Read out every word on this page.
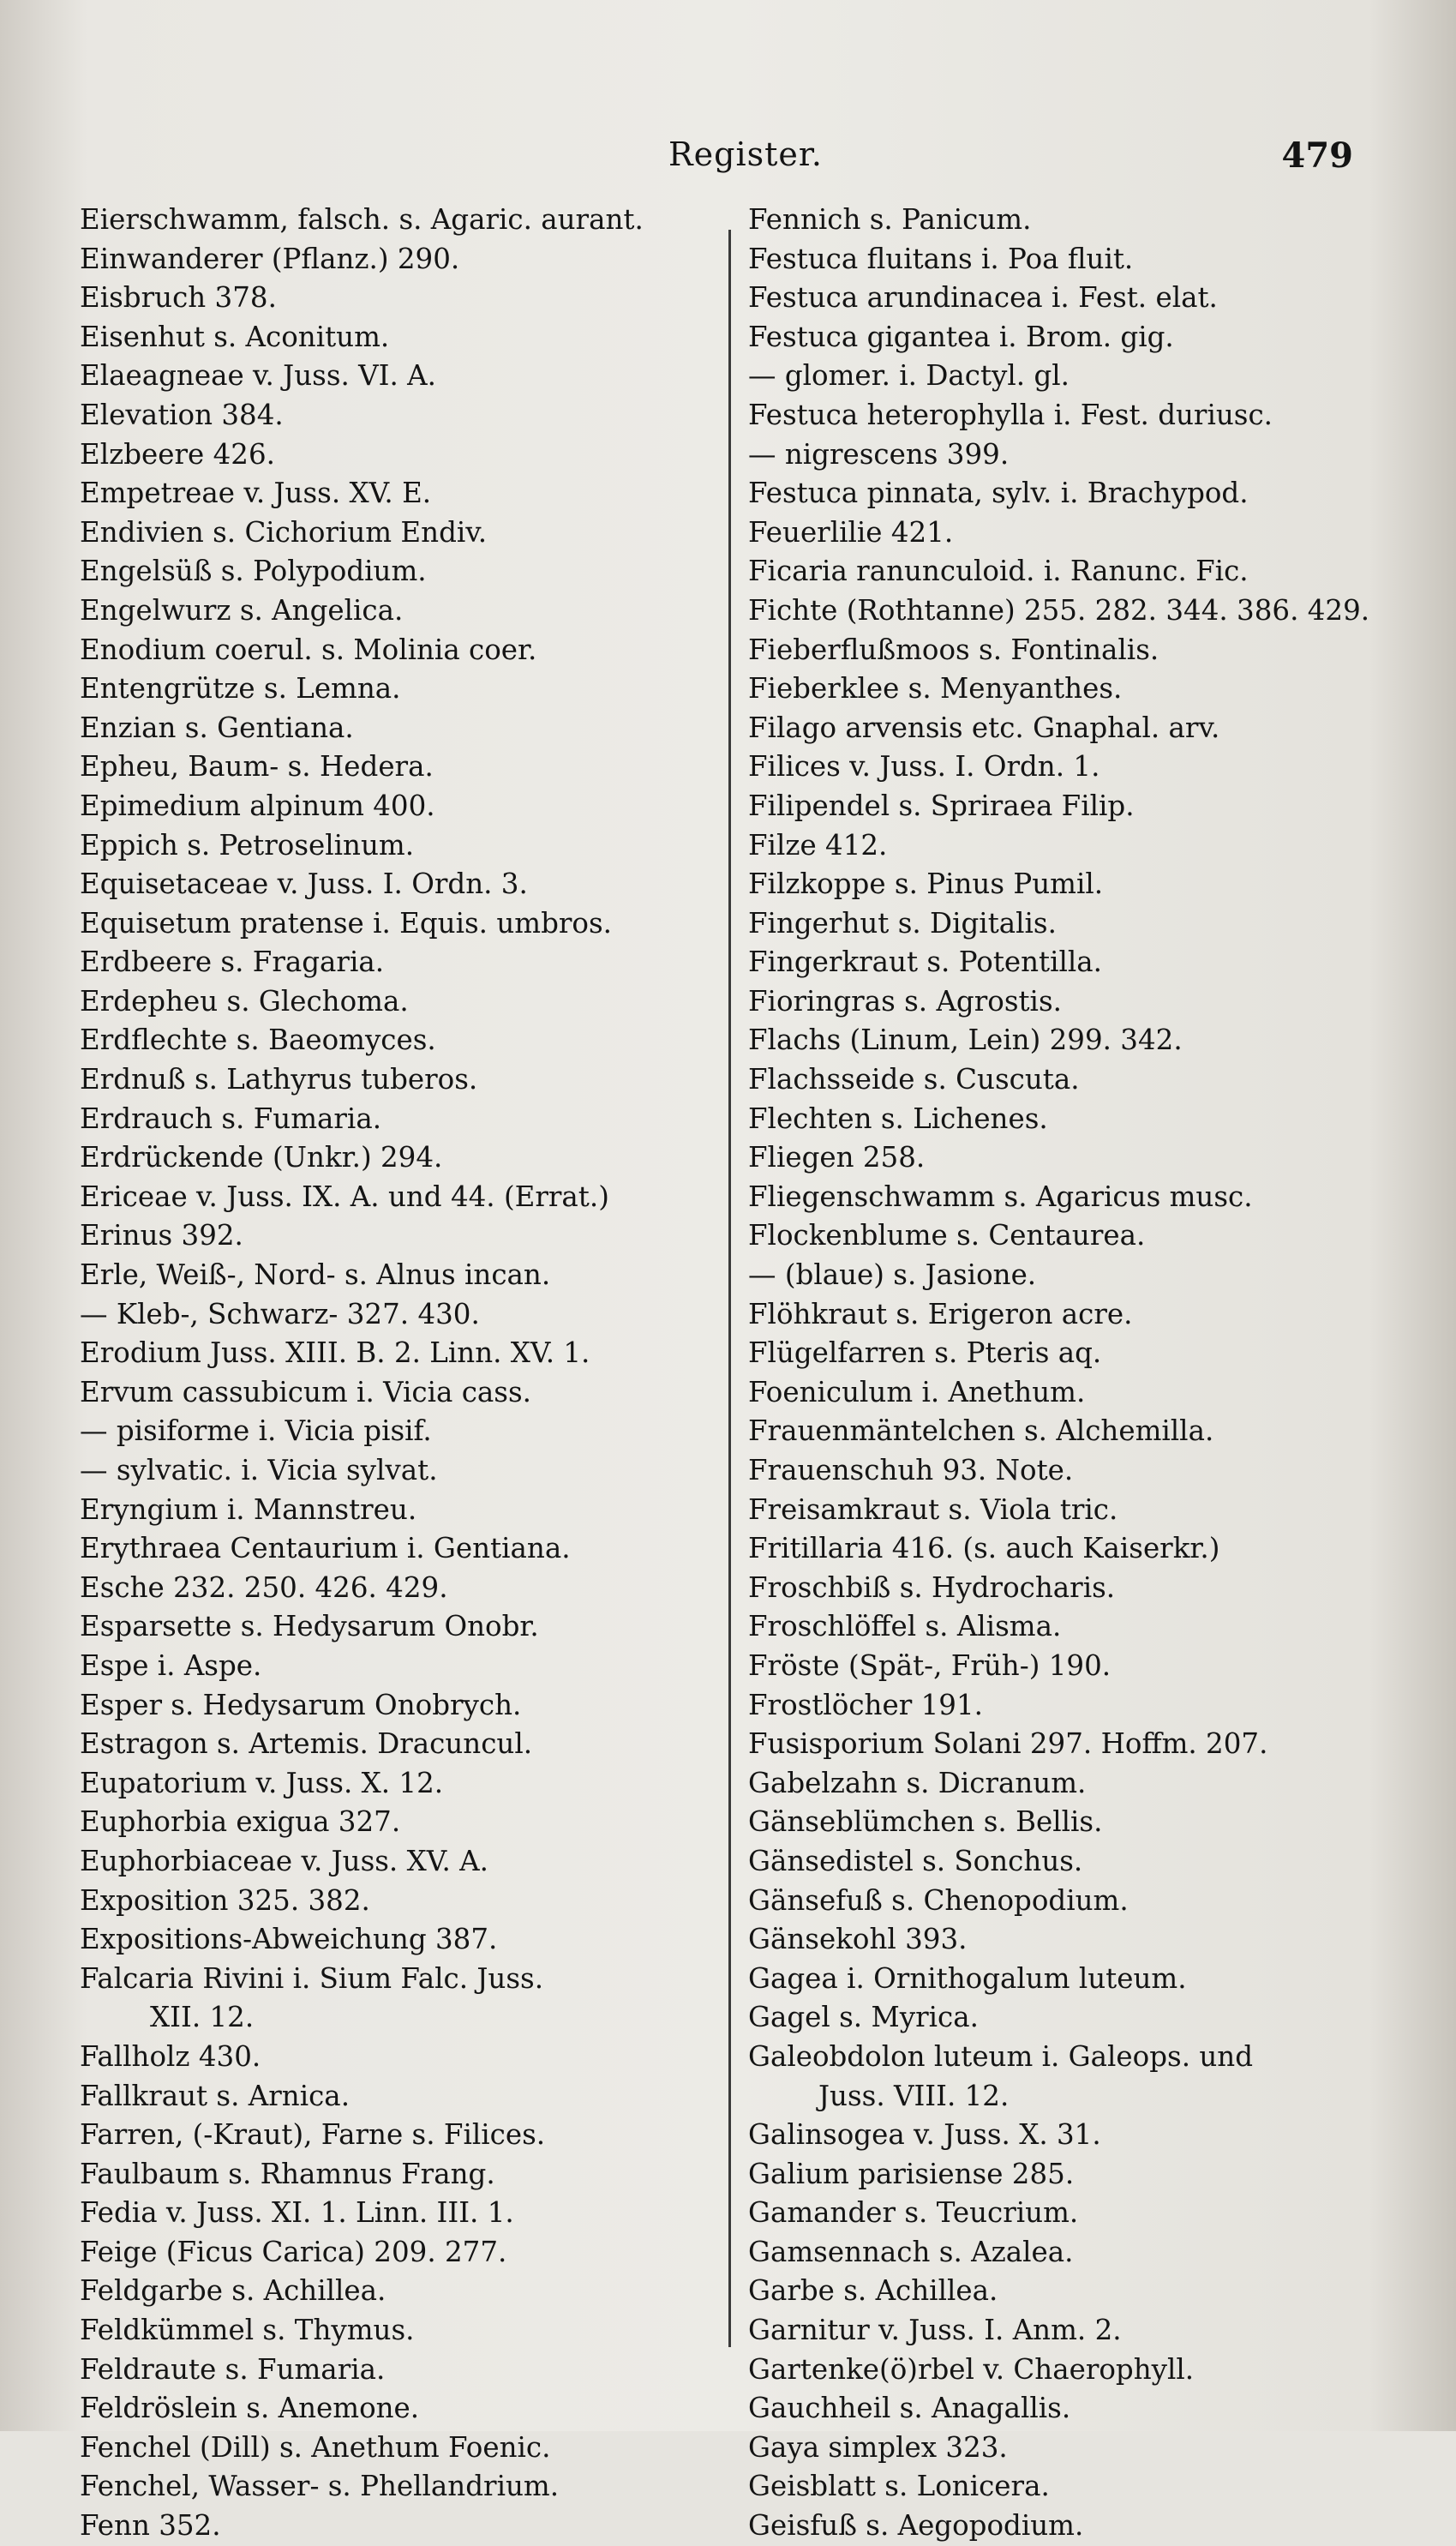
Register.	479
Eierschwamm, falsch. s. Agaric. aurant.
Einwanderer (Pflanz.) 290.
Eisbruch 378.
Eisenhut s. Aconitum.
Elaeagneae v. Juss. VI. A.
Elevation 384.
Elzbeere 426.
Empetreae v. Juss. XV. E.
Endivien s. Cichorium Endiv.
Engelsüß s. Polypodium.
Engelwurz s. Angelica.
Enodium coerul. s. Molinia coer.
Entengrütze s. Lemna.
Enzian s. Gentiana.
Epheu, Baum- s. Hedera.
Epimedium alpinum 400.
Eppich s. Petroselinum.
Equisetaceae v. Juss. I. Ordn. 3.
Equisetum pratense i. Equis. umbros.
Erdbeere s. Fragaria.
Erdepheu s. Glechoma.
Erdflechte s. Baeomyces.
Erdnuß s. Lathyrus tuberos.
Erdrauch s. Fumaria.
Erdrückende (Unkr.) 294.
Ericeae v. Juss. IX. A. und 44. (Errat.)
Erinus 392.
Erle, Weiß-, Nord- s. Alnus incan.
— Kleb-, Schwarz- 327. 430.
Erodium Juss. XIII. B. 2. Linn. XV. 1.
Ervum cassubicum i. Vicia cass.
— pisiforme i. Vicia pisif.
— sylvatic. i. Vicia sylvat.
Eryngium i. Mannstreu.
Erythraea Centaurium i. Gentiana.
Esche 232. 250. 426. 429.
Esparsette s. Hedysarum Onobr.
Espe i. Aspe.
Esper s. Hedysarum Onobrych.
Estragon s. Artemis. Dracuncul.
Eupatorium v. Juss. X. 12.
Euphorbia exigua 327.
Euphorbiaceae v. Juss. XV. A.
Exposition 325. 382.
Expositions-Abweichung 387.
Falcaria Rivini i. Sium Falc. Juss.
XII. 12.
Fallholz 430.
Fallkraut s. Arnica.
Farren, (-Kraut), Farne s. Filices.
Faulbaum s. Rhamnus Frang.
Fedia v. Juss. XI. 1. Linn. III. 1.
Feige (Ficus Carica) 209. 277.
Feldgarbe s. Achillea.
Feldkümmel s. Thymus.
Feldraute s. Fumaria.
Feldröslein s. Anemone.
Fenchel (Dill) s. Anethum Foenic.
Fenchel, Wasser- s. Phellandrium.
Fenn 352.
Fennich s. Panicum.
Festuca fluitans i. Poa fluit.
Festuca arundinacea i. Fest. elat.
Festuca gigantea i. Brom. gig.
— glomer. i. Dactyl. gl.
Festuca heterophylla i. Fest. duriusc.
— nigrescens 399.
Festuca pinnata, sylv. i. Brachypod.
Feuerlilie 421.
Ficaria ranunculoid. i. Ranunc. Fic.
Fichte (Rothtanne) 255. 282. 344. 386. 429.
Fieberflußmoos s. Fontinalis.
Fieberklee s. Menyanthes.
Filago arvensis etc. Gnaphal. arv.
Filices v. Juss. I. Ordn. 1.
Filipendel s. Spriraea Filip.
Filze 412.
Filzkoppe s. Pinus Pumil.
Fingerhut s. Digitalis.
Fingerkraut s. Potentilla.
Fioringras s. Agrostis.
Flachs (Linum, Lein) 299. 342.
Flachsseide s. Cuscuta.
Flechten s. Lichenes.
Fliegen 258.
Fliegenschwamm s. Agaricus musc.
Flockenblume s. Centaurea.
— (blaue) s. Jasione.
Flöhkraut s. Erigeron acre.
Flügelfarren s. Pteris aq.
Foeniculum i. Anethum.
Frauenmäntelchen s. Alchemilla.
Frauenschuh 93. Note.
Freisamkraut s. Viola tric.
Fritillaria 416. (s. auch Kaiserkr.)
Froschbiß s. Hydrocharis.
Froschlöffel s. Alisma.
Fröste (Spät-, Früh-) 190.
Frostlöcher 191.
Fusisporium Solani 297. Hoffm. 207.
Gabelzahn s. Dicranum.
Gänseblümchen s. Bellis.
Gänsedistel s. Sonchus.
Gänsefuß s. Chenopodium.
Gänsekohl 393.
Gagea i. Ornithogalum luteum.
Gagel s. Myrica.
Galeobdolon luteum i. Galeops. und
Juss. VIII. 12.
Galinsogea v. Juss. X. 31.
Galium parisiense 285.
Gamander s. Teucrium.
Gamsennach s. Azalea.
Garbe s. Achillea.
Garnitur v. Juss. I. Anm. 2.
Gartenke(ö)rbel v. Chaerophyll.
Gauchheil s. Anagallis.
Gaya simplex 323.
Geisblatt s. Lonicera.
Geisfuß s. Aegopodium.
